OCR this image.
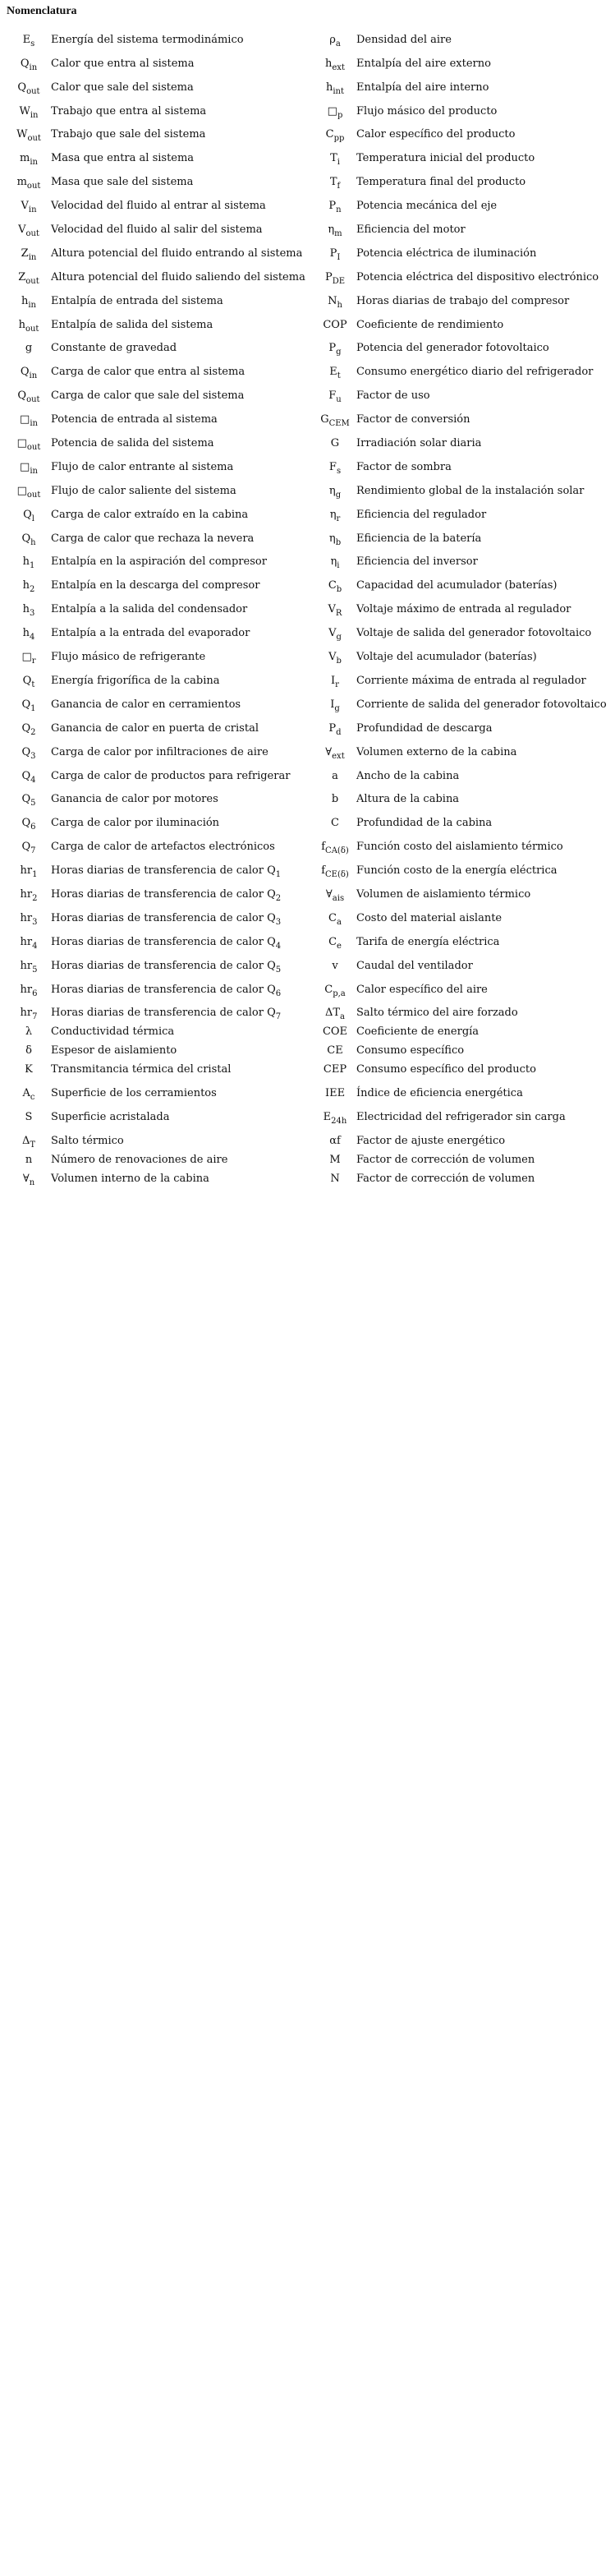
Nomenclatura
$E_s$	Energía del sistema termodinámico
$Q_{in}$	Calor que entra al sistema
$Q_{out}$	Calor que sale del sistema
$W_{in}$	Trabajo que entra al sistema
$W_{out}$ Trabajo que sale del sistema
$m_{in}$	Masa que entra al sistema
$m_{out}$ Masa que sale del sistema
$V_{in}$	Velocidad del fluido al entrar al sistema
$V_{out}$	Velocidad del fluido al salir del sistema
$Z_{in}$	Altura potencial del fluido entrando al sistema
$Z_{out}$	Altura potencial del fluido saliendo del sistema
$h_{in}$	Entalpía de entrada del sistema
$h_{out}$	Entalpía de salida del sistema
g	Constante de gravedad
$Q_{in}$	Carga de calor que entra al sistema
$Q_{out}$	Carga de calor que sale del sistema
$□_{in}$	Potencia de entrada al sistema
$□_{out}$ Potencia de salida del sistema
$□_{in}$	Flujo de calor entrante al sistema
$□_{out}$ Flujo de calor saliente del sistema
$Q_l$	Carga de calor extraído en la cabina
$Q_h$	Carga de calor que rechaza la nevera
$h_1$	Entalpía en la aspiración del compresor
$h_2$	Entalpía en la descarga del compresor
$h_3$	Entalpía a la salida del condensador
$h_4$	Entalpía a la entrada del evaporador
$□_r$	Flujo másico de refrigerante
$Q_t$	Energía frigorífica de la cabina
$Q_1$	Ganancia de calor en cerramientos
$Q_2$	Ganancia de calor en puerta de cristal
$Q_3$	Carga de calor por infiltraciones de aire
$Q_4$	Carga de calor de productos para refrigerar
$Q_5$	Ganancia de calor por motores
$Q_6$	Carga de calor por iluminación
$Q_7$	Carga de calor de artefactos electrónicos
$hr_1$	Horas diarias de transferencia de calor $Q_1$
$hr_2$	Horas diarias de transferencia de calor $Q_2$
$hr_3$	Horas diarias de transferencia de calor $Q_3$
$hr_4$	Horas diarias de transferencia de calor $Q_4$
$hr_5$	Horas diarias de transferencia de calor $Q_5$
$hr_6$	Horas diarias de transferencia de calor $Q_6$
$hr_7$	Horas diarias de transferencia de calor $Q_7$
λ	Conductividad térmica
δ	Espesor de aislamiento
K	Transmitancia térmica del cristal
$A_c$	Superficie de los cerramientos
S	Superficie acristalada
$\Delta_T$	Salto térmico
n	Número de renovaciones de aire
$\forall_n$	Volumen interno de la cabina
$\rho_a$	Densidad del aire
$h_{ext}$	Entalpía del aire externo
$h_{int}$	Entalpía del aire interno
$□_p$	Flujo másico del producto
$C_{pp}$	Calor específico del producto
$T_i$	Temperatura inicial del producto
$T_f$	Temperatura final del producto
$P_n$	Potencia mecánica del eje
$\eta_m$	Eficiencia del motor
$P_I$	Potencia eléctrica de iluminación
$P_{DE}$	Potencia eléctrica del dispositivo electrónico
$N_h$	Horas diarias de trabajo del compresor
COP Coeficiente de rendimiento
$P_g$	Potencia del generador fotovoltaico
$E_t$	Consumo energético diario del refrigerador
$F_u$	Factor de uso
$G_{CEM}$ Factor de conversión
G	Irradiación solar diaria
$F_s$	Factor de sombra
$\eta_g$	Rendimiento global de la instalación solar
$\eta_r$	Eficiencia del regulador
$\eta_b$	Eficiencia de la batería
$\eta_i$	Eficiencia del inversor
$C_b$	Capacidad del acumulador (baterías)
$V_R$	Voltaje máximo de entrada al regulador
$V_g$	Voltaje de salida del generador fotovoltaico
$V_b$	Voltaje del acumulador (baterías)
$I_r$	Corriente máxima de entrada al regulador
$I_g$	Corriente de salida del generador fotovoltaico
$P_d$	Profundidad de descarga
$\forall_{ext}$	Volumen externo de la cabina
a	Ancho de la cabina
b	Altura de la cabina
C	Profundidad de la cabina
$f_{CA(\delta)}$ Función costo del aislamiento térmico
$f_{CE(\delta)}$ Función costo de la energía eléctrica
$\forall_{ais}$	Volumen de aislamiento térmico
$C_a$	Costo del material aislante
$C_e$	Tarifa de energía eléctrica
v	Caudal del ventilador
$C_{p,a}$	Calor específico del aire
$\Delta T_a$	Salto térmico del aire forzado
COE Coeficiente de energía
CE	Consumo específico
CEP Consumo específico del producto
IEE	Índice de eficiencia energética
$E_{24h}$ Electricidad del refrigerador sin carga
αf	Factor de ajuste energético
M	Factor de corrección de volumen
N	Factor de corrección de volumen
